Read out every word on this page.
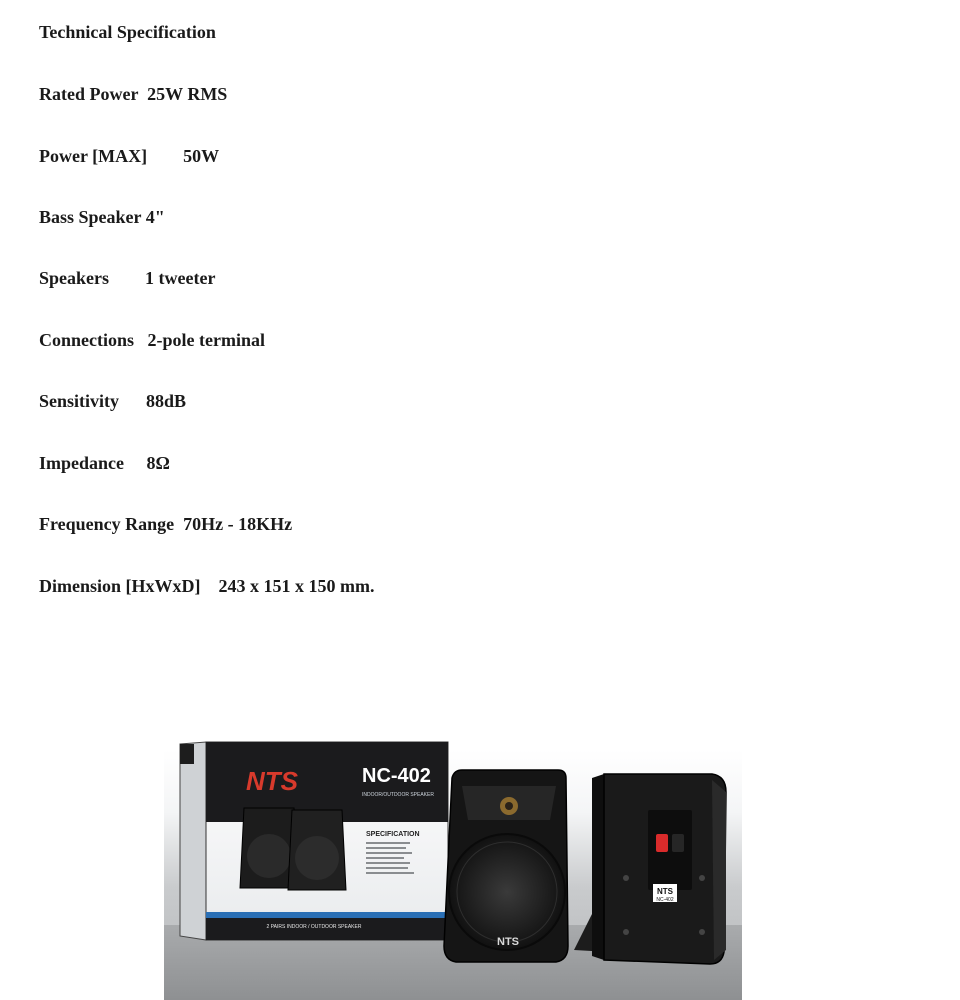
Technical Specification
Rated Power 25W RMS
Power [MAX] 50W
Bass Speaker 4"
Speakers 1 tweeter
Connections 2-pole terminal
Sensitivity 88dB
Impedance 8Ω
Frequency Range 70Hz - 18KHz
Dimension [HxWxD] 243 x 151 x 150 mm.
NTS	NC-402
INDOOR/OUTDOOR SPEAKER
SPECIFICATION
2 PAIRS INDOOR / OUTDOOR SPEAKER
NTS
NTS
NC-402
